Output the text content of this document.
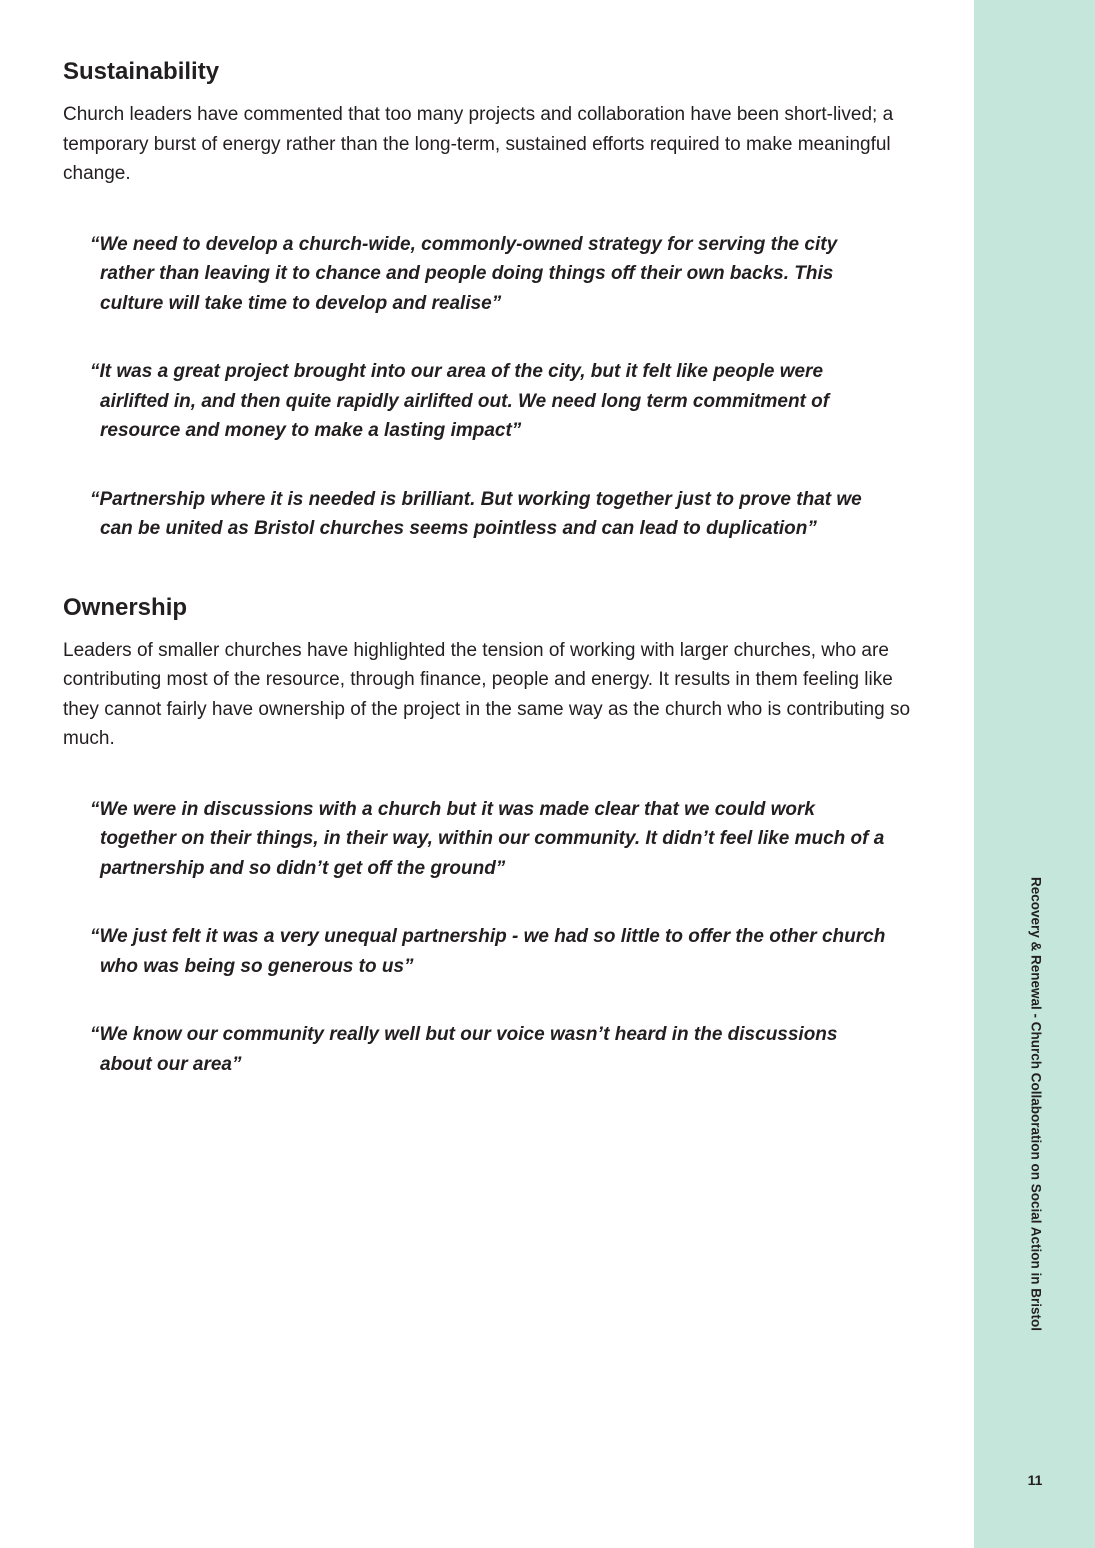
Sustainability

Church leaders have commented that too many projects and collaboration have been short-lived; a temporary burst of energy rather than the long-term, sustained efforts required to make meaningful change.

“We need to develop a church-wide, commonly-owned strategy for serving the city rather than leaving it to chance and people doing things off their own backs. This culture will take time to develop and realise”

“It was a great project brought into our area of the city, but it felt like people were airlifted in, and then quite rapidly airlifted out. We need long term commitment of resource and money to make a lasting impact”

“Partnership where it is needed is brilliant. But working together just to prove that we can be united as Bristol churches seems pointless and can lead to duplication”

Ownership

Leaders of smaller churches have highlighted the tension of working with larger churches, who are contributing most of the resource, through finance, people and energy. It results in them feeling like they cannot fairly have ownership of the project in the same way as the church who is contributing so much.

“We were in discussions with a church but it was made clear that we could work together on their things, in their way, within our community. It didn’t feel like much of a partnership and so didn’t get off the ground”

“We just felt it was a very unequal partnership - we had so little to offer the other church who was being so generous to us”

“We know our community really well but our voice wasn’t heard in the discussions about our area”	Recovery & Renewal - Church Collaboration on Social Action in Bristol
11
